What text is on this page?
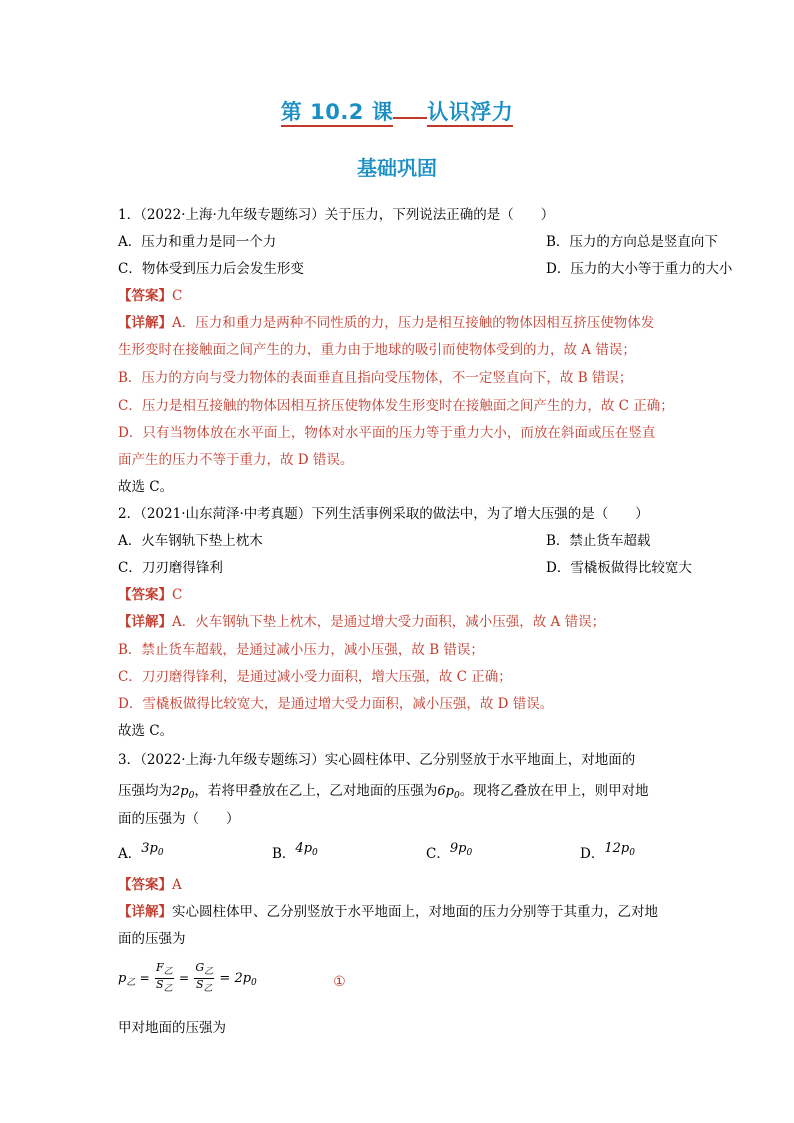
第 10.2 课 认识浮力
基础巩固
1．（2022·上海·九年级专题练习）关于压力，下列说法正确的是（　　）
A．压力和重力是同一个力	B．压力的方向总是竖直向下
C．物体受到压力后会发生形变	D．压力的大小等于重力的大小
【答案】C
【详解】A．压力和重力是两种不同性质的力，压力是相互接触的物体因相互挤压使物体发
生形变时在接触面之间产生的力，重力由于地球的吸引而使物体受到的力，故 A 错误；
B．压力的方向与受力物体的表面垂直且指向受压物体，不一定竖直向下，故 B 错误；
C．压力是相互接触的物体因相互挤压使物体发生形变时在接触面之间产生的力，故 C 正确；
D．只有当物体放在水平面上，物体对水平面的压力等于重力大小，而放在斜面或压在竖直
面产生的压力不等于重力，故 D 错误。
故选 C。
2．（2021·山东菏泽·中考真题）下列生活事例采取的做法中，为了增大压强的是（　　）
A．火车钢轨下垫上枕木	B．禁止货车超载
C．刀刃磨得锋利	D．雪橇板做得比较宽大
【答案】C
【详解】A．火车钢轨下垫上枕木，是通过增大受力面积，减小压强，故 A 错误；
B．禁止货车超载，是通过减小压力，减小压强，故 B 错误；
C．刀刃磨得锋利，是通过减小受力面积，增大压强，故 C 正确；
D．雪橇板做得比较宽大，是通过增大受力面积，减小压强，故 D 错误。
故选 C。
3．（2022·上海·九年级专题练习）实心圆柱体甲、乙分别竖放于水平地面上，对地面的
压强均为$2p_0$，若将甲叠放在乙上，乙对地面的压强为$6p_0$。现将乙叠放在甲上，则甲对地
面的压强为（　　）
A．$3p_0$	B．$4p_0$	C．$9p_0$	D．$12p_0$
【答案】A
【详解】实心圆柱体甲、乙分别竖放于水平地面上，对地面的压力分别等于其重力，乙对地
面的压强为
$p_乙 = \frac{F_乙}{S_乙} = \frac{G_乙}{S_乙} = 2p_0$	①
甲对地面的压强为
